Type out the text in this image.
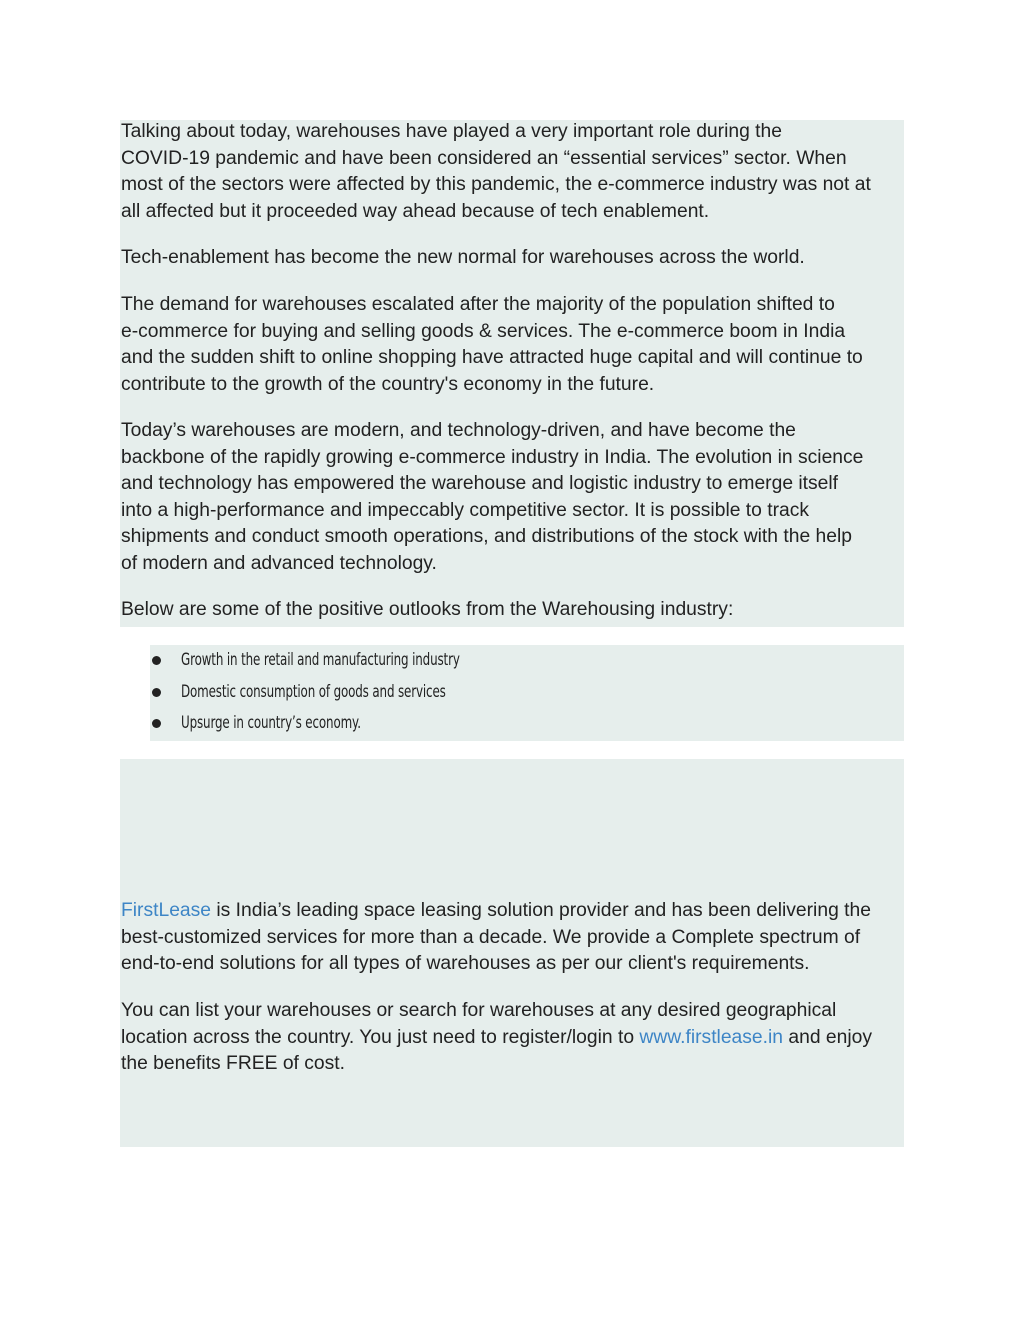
Talking about today, warehouses have played a very important role during the
COVID-19 pandemic and have been considered an “essential services” sector. When
most of the sectors were affected by this pandemic, the e-commerce industry was not at
all affected but it proceeded way ahead because of tech enablement.

Tech-enablement has become the new normal for warehouses across the world.

The demand for warehouses escalated after the majority of the population shifted to
e-commerce for buying and selling goods & services. The e-commerce boom in India
and the sudden shift to online shopping have attracted huge capital and will continue to
contribute to the growth of the country's economy in the future.

Today’s warehouses are modern, and technology-driven, and have become the
backbone of the rapidly growing e-commerce industry in India. The evolution in science
and technology has empowered the warehouse and logistic industry to emerge itself
into a high-performance and impeccably competitive sector. It is possible to track
shipments and conduct smooth operations, and distributions of the stock with the help
of modern and advanced technology.

Below are some of the positive outlooks from the Warehousing industry:

Growth in the retail and manufacturing industry
Domestic consumption of goods and services
Upsurge in country’s economy.

FirstLease is India’s leading space leasing solution provider and has been delivering the
best-customized services for more than a decade. We provide a Complete spectrum of
end-to-end solutions for all types of warehouses as per our client's requirements.

You can list your warehouses or search for warehouses at any desired geographical
location across the country. You just need to register/login to www.firstlease.in and enjoy
the benefits FREE of cost.
